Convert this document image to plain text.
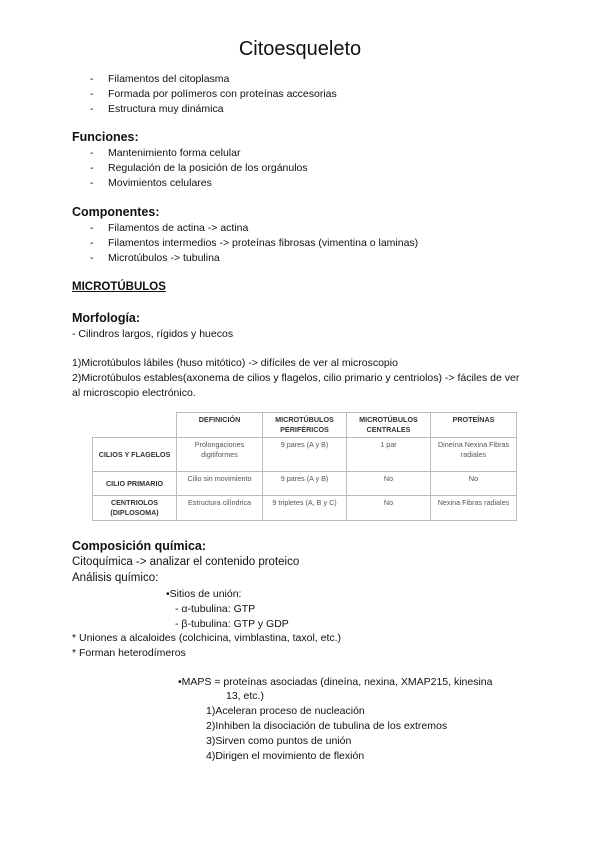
Citoesqueleto
- Filamentos del citoplasma
- Formada por polímeros con proteínas accesorias
- Estructura muy dinámica
Funciones:
- Mantenimiento forma celular
- Regulación de la posición de los orgánulos
- Movimientos celulares
Componentes:
- Filamentos de actina -> actina
- Filamentos intermedios -> proteínas fibrosas (vimentina o laminas)
- Microtúbulos -> tubulina
MICROTÚBULOS
Morfología:
- Cilindros largos, rígidos y huecos
1)Microtúbulos lábiles (huso mitótico) -> difíciles de ver al microscopio
2)Microtúbulos estables(axonema de cilios y flagelos, cilio primario y centriolos) -> fáciles de ver al microscopio electrónico.
	DEFINICIÓN	MICROTÚBULOS PERIFÉRICOS	MICROTÚBULOS CENTRALES	PROTEÍNAS
CILIOS Y FLAGELOS	Prolongaciones digitiformes	9 pares (A y B)	1 par	Dineína Nexina Fibras radiales
CILIO PRIMARIO	Cilio sin movimiento	9 pares (A y B)	No	No
CENTRIOLOS (DIPLOSOMA)	Estructura cilíndrica	9 tripletes (A, B y C)	No	Nexina Fibras radiales
Composición química:
Citoquímica -> analizar el contenido proteico
Análisis químico:
•Sitios de unión:
- α-tubulina: GTP
- β-tubulina: GTP y GDP
* Uniones a alcaloides (colchicina, vimblastina, taxol, etc.)
* Forman heterodímeros
•MAPS = proteínas asociadas (dineína, nexina, XMAP215, kinesina
13, etc.)
1)Aceleran proceso de nucleación
2)Inhiben la disociación de tubulina de los extremos
3)Sirven como puntos de unión
4)Dirigen el movimiento de flexión
